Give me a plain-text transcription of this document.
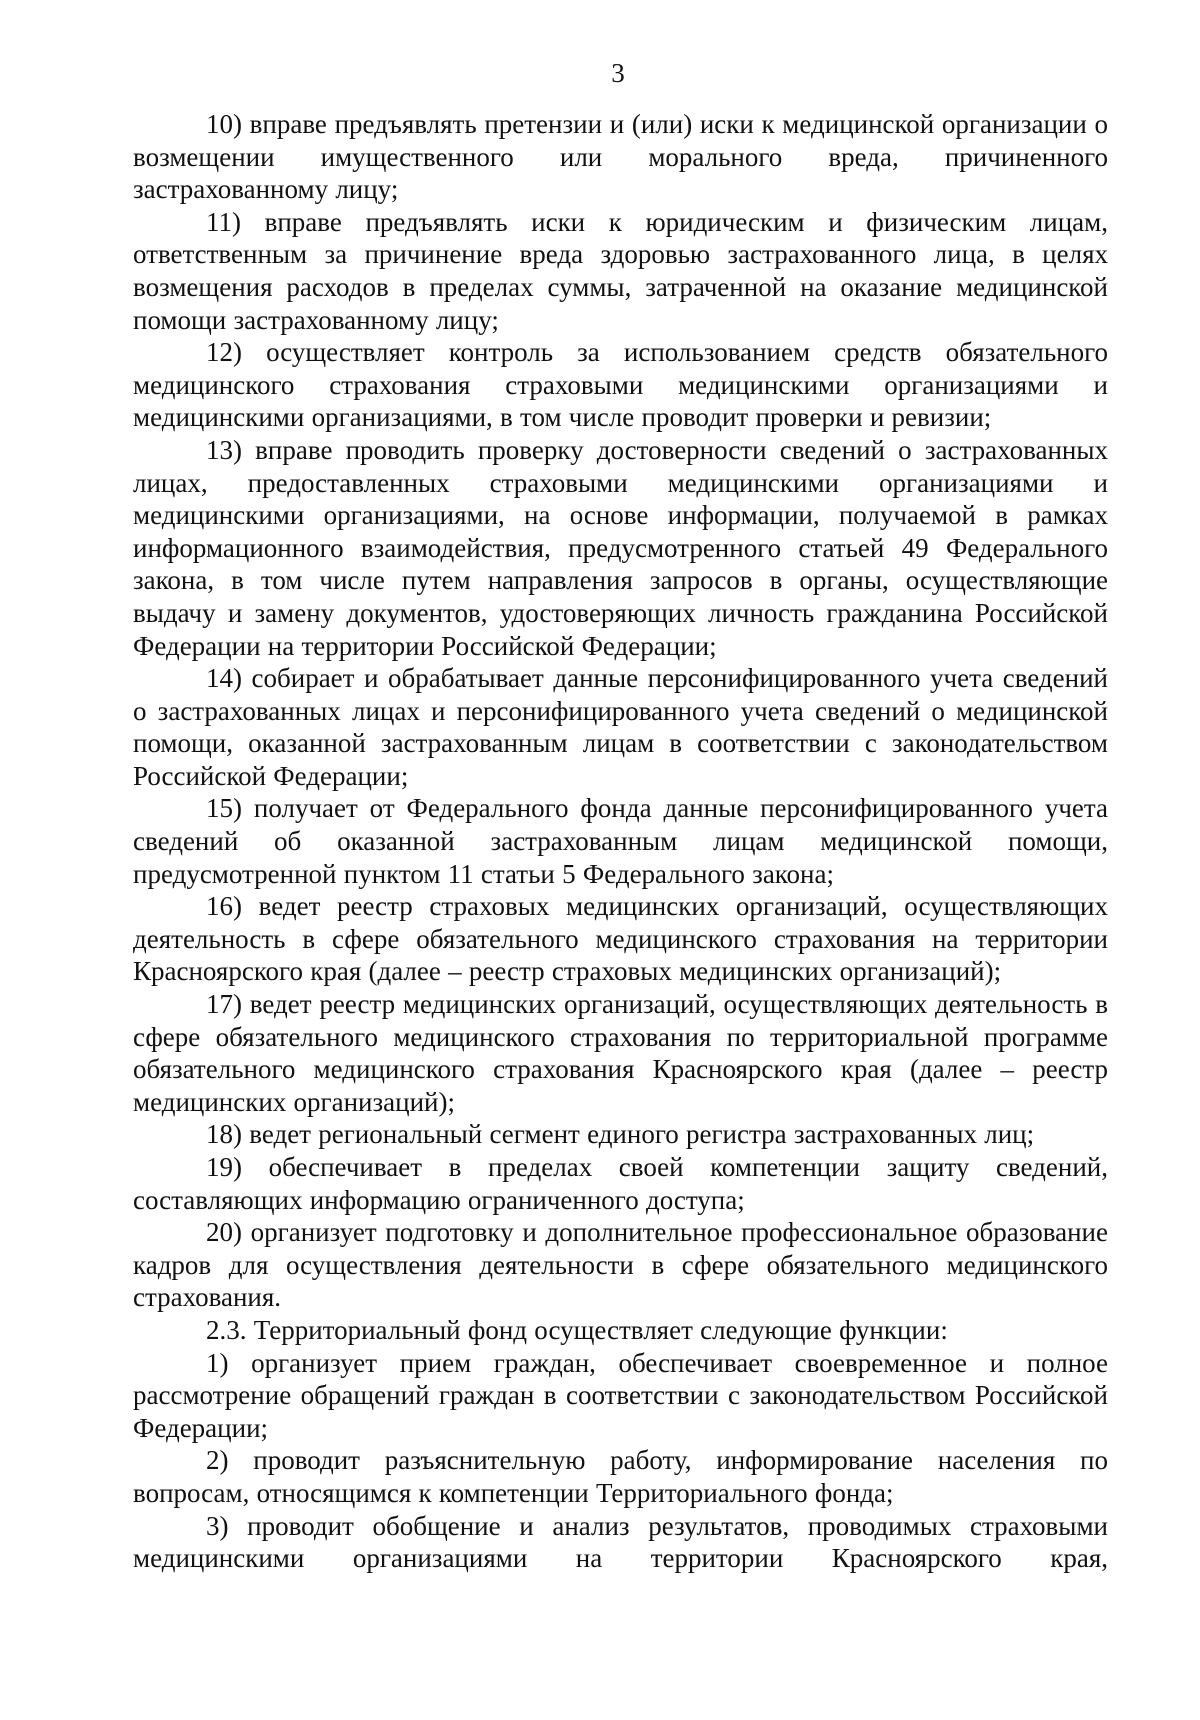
3

10) вправе предъявлять претензии и (или) иски к медицинской организации о возмещении имущественного или морального вреда, причиненного застрахованному лицу;

11) вправе предъявлять иски к юридическим и физическим лицам, ответственным за причинение вреда здоровью застрахованного лица, в целях возмещения расходов в пределах суммы, затраченной на оказание медицинской помощи застрахованному лицу;

12) осуществляет контроль за использованием средств обязательного медицинского страхования страховыми медицинскими организациями и медицинскими организациями, в том числе проводит проверки и ревизии;

13) вправе проводить проверку достоверности сведений о застрахованных лицах, предоставленных страховыми медицинскими организациями и медицинскими организациями, на основе информации, получаемой в рамках информационного взаимодействия, предусмотренного статьей 49 Федерального закона, в том числе путем направления запросов в органы, осуществляющие выдачу и замену документов, удостоверяющих личность гражданина Российской Федерации на территории Российской Федерации;

14) собирает и обрабатывает данные персонифицированного учета сведений о застрахованных лицах и персонифицированного учета сведений о медицинской помощи, оказанной застрахованным лицам в соответствии с законодательством Российской Федерации;

15) получает от Федерального фонда данные персонифицированного учета сведений об оказанной застрахованным лицам медицинской помощи, предусмотренной пунктом 11 статьи 5 Федерального закона;

16) ведет реестр страховых медицинских организаций, осуществляющих деятельность в сфере обязательного медицинского страхования на территории Красноярского края (далее – реестр страховых медицинских организаций);

17) ведет реестр медицинских организаций, осуществляющих деятельность в сфере обязательного медицинского страхования по территориальной программе обязательного медицинского страхования Красноярского края (далее – реестр медицинских организаций);

18) ведет региональный сегмент единого регистра застрахованных лиц;

19) обеспечивает в пределах своей компетенции защиту сведений, составляющих информацию ограниченного доступа;

20) организует подготовку и дополнительное профессиональное образование кадров для осуществления деятельности в сфере обязательного медицинского страхования.

2.3. Территориальный фонд осуществляет следующие функции:

1) организует прием граждан, обеспечивает своевременное и полное рассмотрение обращений граждан в соответствии с законодательством Российской Федерации;

2) проводит разъяснительную работу, информирование населения по вопросам, относящимся к компетенции Территориального фонда;

3) проводит обобщение и анализ результатов, проводимых страховыми медицинскими организациями на территории Красноярского края,
